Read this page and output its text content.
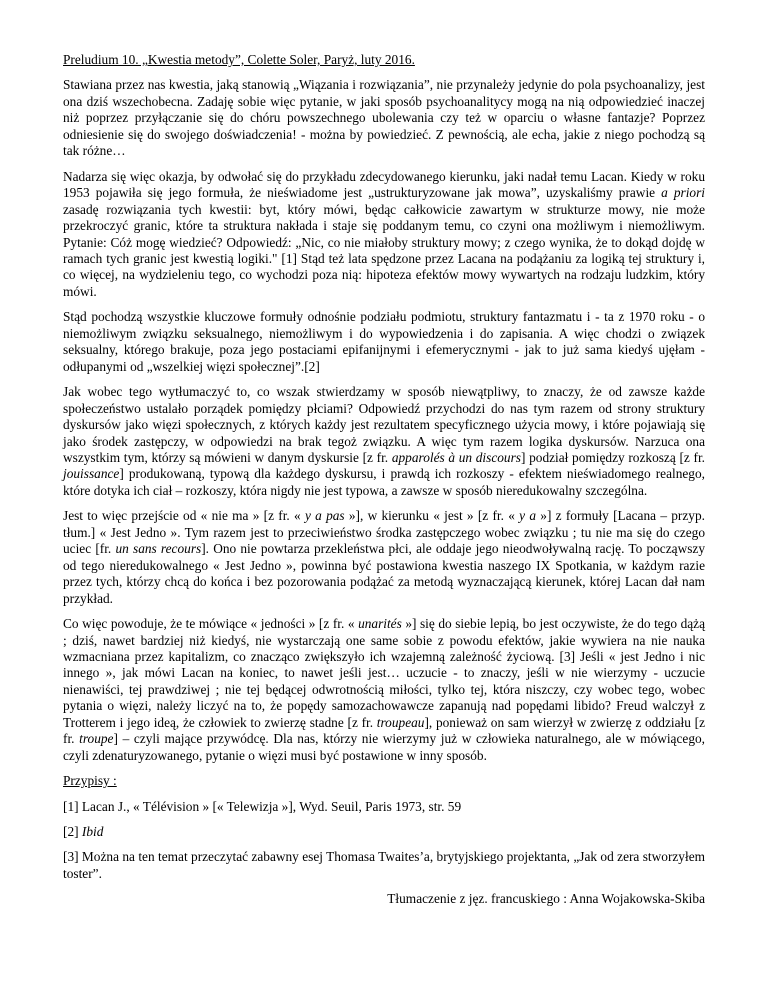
Preludium 10. „Kwestia metody”, Colette Soler, Paryż, luty 2016.

Stawiana przez nas kwestia, jaką stanowią „Wiązania i rozwiązania”, nie przynależy jedynie do pola psychoanalizy, jest ona dziś wszechobecna. Zadaję sobie więc pytanie, w jaki sposób psychoanalitycy mogą na nią odpowiedzieć inaczej niż poprzez przyłączanie się do chóru powszechnego ubolewania czy też w oparciu o własne fantazje? Poprzez odniesienie się do swojego doświadczenia! - można by powiedzieć. Z pewnością, ale echa, jakie z niego pochodzą są tak różne…

Nadarza się więc okazja, by odwołać się do przykładu zdecydowanego kierunku, jaki nadał temu Lacan. Kiedy w roku 1953 pojawiła się jego formuła, że nieświadome jest „ustrukturyzowane jak mowa”, uzyskaliśmy prawie a priori zasadę rozwiązania tych kwestii: byt, który mówi, będąc całkowicie zawartym w strukturze mowy, nie może przekroczyć granic, które ta struktura nakłada i staje się poddanym temu, co czyni ona możliwym i niemożliwym. Pytanie: Cóż mogę wiedzieć? Odpowiedź: „Nic, co nie miałoby struktury mowy; z czego wynika, że to dokąd dojdę w ramach tych granic jest kwestią logiki." [1] Stąd też lata spędzone przez Lacana na podążaniu za logiką tej struktury i, co więcej, na wydzieleniu tego, co wychodzi poza nią: hipoteza efektów mowy wywartych na rodzaju ludzkim, który mówi.

Stąd pochodzą wszystkie kluczowe formuły odnośnie podziału podmiotu, struktury fantazmatu i - ta z 1970 roku - o niemożliwym związku seksualnego, niemożliwym i do wypowiedzenia i do zapisania. A więc chodzi o związek seksualny, którego brakuje, poza jego postaciami epifanijnymi i efemerycznymi - jak to już sama kiedyś ujęłam - odłupanymi od „wszelkiej więzi społecznej”.[2]

Jak wobec tego wytłumaczyć to, co wszak stwierdzamy w sposób niewątpliwy, to znaczy, że od zawsze każde społeczeństwo ustalało porządek pomiędzy płciami? Odpowiedź przychodzi do nas tym razem od strony struktury dyskursów jako więzi społecznych, z których każdy jest rezultatem specyficznego użycia mowy, i które pojawiają się jako środek zastępczy, w odpowiedzi na brak tegoż związku. A więc tym razem logika dyskursów. Narzuca ona wszystkim tym, którzy są mówieni w danym dyskursie [z fr. apparolés à un discours] podział pomiędzy rozkoszą [z fr. jouissance] produkowaną, typową dla każdego dyskursu, i prawdą ich rozkoszy - efektem nieświadomego realnego, które dotyka ich ciał – rozkoszy, która nigdy nie jest typowa, a zawsze w sposób nieredukowalny szczególna.

Jest to więc przejście od « nie ma » [z fr. « y a pas »], w kierunku « jest » [z fr. « y a »] z formuły [Lacana – przyp. tłum.] « Jest Jedno ». Tym razem jest to przeciwieństwo środka zastępczego wobec związku ; tu nie ma się do czego uciec [fr. un sans recours]. Ono nie powtarza przekleństwa płci, ale oddaje jego nieodwoływalną rację. To począwszy od tego nieredukowalnego « Jest Jedno », powinna być postawiona kwestia naszego IX Spotkania, w każdym razie przez tych, którzy chcą do końca i bez pozorowania podążać za metodą wyznaczającą kierunek, której Lacan dał nam przykład.

Co więc powoduje, że te mówiące « jedności » [z fr. « unarités »] się do siebie lepią, bo jest oczywiste, że do tego dążą ; dziś, nawet bardziej niż kiedyś, nie wystarczają one same sobie z powodu efektów, jakie wywiera na nie nauka wzmacniana przez kapitalizm, co znacząco zwiększyło ich wzajemną zależność życiową. [3] Jeśli « jest Jedno i nic innego », jak mówi Lacan na koniec, to nawet jeśli jest… uczucie - to znaczy, jeśli w nie wierzymy - uczucie nienawiści, tej prawdziwej ; nie tej będącej odwrotnością miłości, tylko tej, która niszczy, czy wobec tego, wobec pytania o więzi, należy liczyć na to, że popędy samozachowawcze zapanują nad popędami libido? Freud walczył z Trotterem i jego ideą, że człowiek to zwierzę stadne [z fr. troupeau], ponieważ on sam wierzył w zwierzę z oddziału [z fr. troupe] – czyli mające przywódcę. Dla nas, którzy nie wierzymy już w człowieka naturalnego, ale w mówiącego, czyli zdenaturyzowanego, pytanie o więzi musi być postawione w inny sposób.

Przypisy :
[1] Lacan J., « Télévision » [« Telewizja »], Wyd. Seuil, Paris 1973, str. 59
[2] Ibid
[3] Można na ten temat przeczytać zabawny esej Thomasa Twaites’a, brytyjskiego projektanta, „Jak od zera stworzyłem toster”.
Tłumaczenie z jęz. francuskiego : Anna Wojakowska-Skiba
